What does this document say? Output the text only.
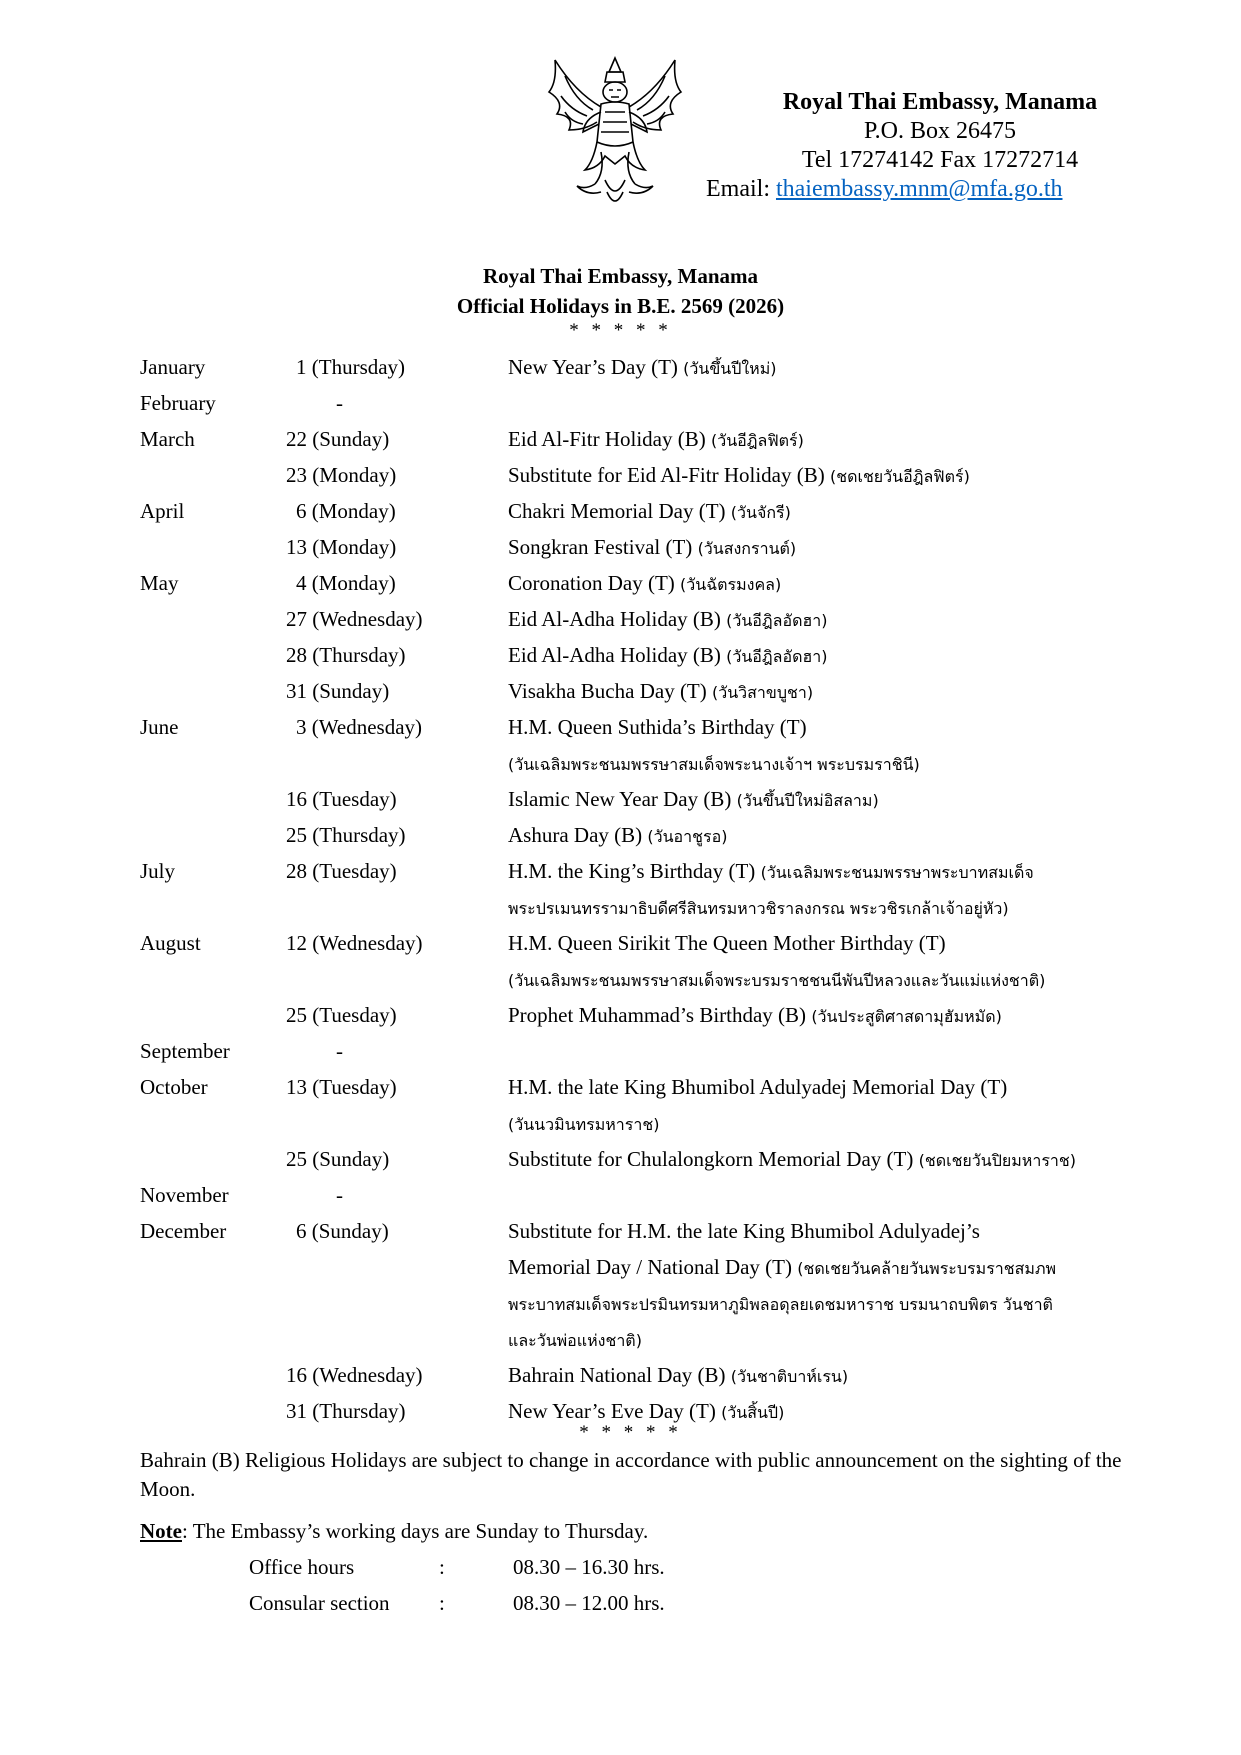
Royal Thai Embassy, Manama
P.O. Box 26475
Tel 17274142 Fax 17272714
Email: thaiembassy.mnm@mfa.go.th
Royal Thai Embassy, Manama
Official Holidays in B.E. 2569 (2026)
* * * * *
January	1 (Thursday)	New Year’s Day (T) (วันขึ้นปีใหม่)
February	-
March	22 (Sunday)	Eid Al-Fitr Holiday (B) (วันอีฎิลฟิตร์)
23 (Monday)	Substitute for Eid Al-Fitr Holiday (B) (ชดเชยวันอีฎิลฟิตร์)
April	6 (Monday)	Chakri Memorial Day (T) (วันจักรี)
13 (Monday)	Songkran Festival (T) (วันสงกรานต์)
May	4 (Monday)	Coronation Day (T) (วันฉัตรมงคล)
27 (Wednesday)	Eid Al-Adha Holiday (B) (วันอีฎิลอัดฮา)
28 (Thursday)	Eid Al-Adha Holiday (B) (วันอีฎิลอัดฮา)
31 (Sunday)	Visakha Bucha Day (T) (วันวิสาขบูชา)
June	3 (Wednesday)	H.M. Queen Suthida’s Birthday (T)
(วันเฉลิมพระชนมพรรษาสมเด็จพระนางเจ้าฯ พระบรมราชินี)
16 (Tuesday)	Islamic New Year Day (B) (วันขึ้นปีใหม่อิสลาม)
25 (Thursday)	Ashura Day (B) (วันอาชูรอ)
July	28 (Tuesday)	H.M. the King’s Birthday (T) (วันเฉลิมพระชนมพรรษาพระบาทสมเด็จ
พระปรเมนทรรามาธิบดีศรีสินทรมหาวชิราลงกรณ พระวชิรเกล้าเจ้าอยู่หัว)
August	12 (Wednesday)	H.M. Queen Sirikit The Queen Mother Birthday (T)
(วันเฉลิมพระชนมพรรษาสมเด็จพระบรมราชชนนีพันปีหลวงและวันแม่แห่งชาติ)
25 (Tuesday)	Prophet Muhammad’s Birthday (B) (วันประสูติศาสดามุฮัมหมัด)
September	-
October	13 (Tuesday)	H.M. the late King Bhumibol Adulyadej Memorial Day (T)
(วันนวมินทรมหาราช)
25 (Sunday)	Substitute for Chulalongkorn Memorial Day (T) (ชดเชยวันปิยมหาราช)
November	-
December	6 (Sunday)	Substitute for H.M. the late King Bhumibol Adulyadej’s
Memorial Day / National Day (T) (ชดเชยวันคล้ายวันพระบรมราชสมภพ
พระบาทสมเด็จพระปรมินทรมหาภูมิพลอดุลยเดชมหาราช บรมนาถบพิตร วันชาติ
และวันพ่อแห่งชาติ)
16 (Wednesday)	Bahrain National Day (B) (วันชาติบาห์เรน)
31 (Thursday)	New Year’s Eve Day (T) (วันสิ้นปี)
* * * * *
Bahrain (B) Religious Holidays are subject to change in accordance with public announcement on the sighting of the Moon.
Note: The Embassy’s working days are Sunday to Thursday.
Office hours	:	08.30 – 16.30 hrs.
Consular section :	08.30 – 12.00 hrs.
